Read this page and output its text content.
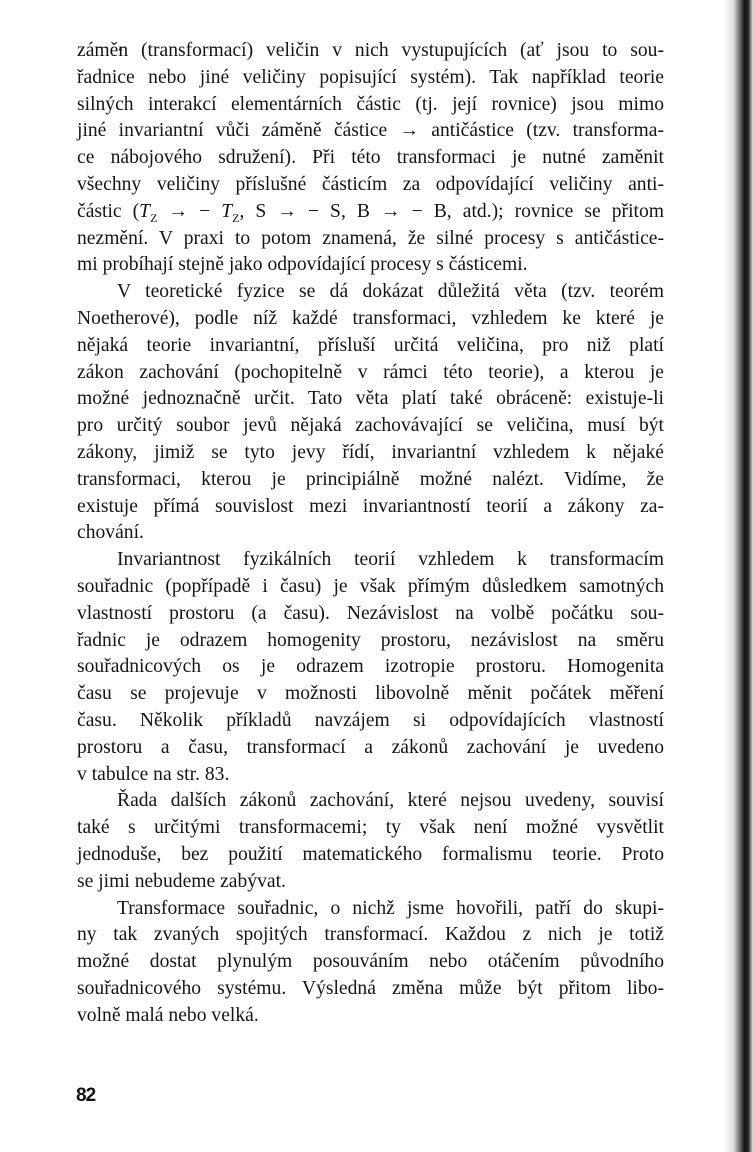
záměn (transformací) veličin v nich vystupujících (ať jsou to sou-
řadnice nebo jiné veličiny popisující systém). Tak například teorie
silných interakcí elementárních částic (tj. její rovnice) jsou mimo
jiné invariantní vůči záměně částice → antičástice (tzv. transforma-
ce nábojového sdružení). Při této transformaci je nutné zaměnit
všechny veličiny příslušné částicím za odpovídající veličiny anti-
částic ($T_Z$ → − $T_Z$, S → − S, B → − B, atd.); rovnice se přitom
nezmění. V praxi to potom znamená, že silné procesy s antičástice-
mi probíhají stejně jako odpovídající procesy s částicemi.
V teoretické fyzice se dá dokázat důležitá věta (tzv. teorém
Noetherové), podle níž každé transformaci, vzhledem ke které je
nějaká teorie invariantní, přísluší určitá veličina, pro niž platí
zákon zachování (pochopitelně v rámci této teorie), a kterou je
možné jednoznačně určit. Tato věta platí také obráceně: existuje-li
pro určitý soubor jevů nějaká zachovávající se veličina, musí být
zákony, jimiž se tyto jevy řídí, invariantní vzhledem k nějaké
transformaci, kterou je principiálně možné nalézt. Vidíme, že
existuje přímá souvislost mezi invariantností teorií a zákony za-
chování.
Invariantnost fyzikálních teorií vzhledem k transformacím
souřadnic (popřípadě i času) je však přímým důsledkem samotných
vlastností prostoru (a času). Nezávislost na volbě počátku sou-
řadnic je odrazem homogenity prostoru, nezávislost na směru
souřadnicových os je odrazem izotropie prostoru. Homogenita
času se projevuje v možnosti libovolně měnit počátek měření
času. Několik příkladů navzájem si odpovídajících vlastností
prostoru a času, transformací a zákonů zachování je uvedeno
v tabulce na str. 83.
Řada dalších zákonů zachování, které nejsou uvedeny, souvisí
také s určitými transformacemi; ty však není možné vysvětlit
jednoduše, bez použití matematického formalismu teorie. Proto
se jimi nebudeme zabývat.
Transformace souřadnic, o nichž jsme hovořili, patří do skupi-
ny tak zvaných spojitých transformací. Každou z nich je totiž
možné dostat plynulým posouváním nebo otáčením původního
souřadnicového systému. Výsledná změna může být přitom libo-
volně malá nebo velká.
82
